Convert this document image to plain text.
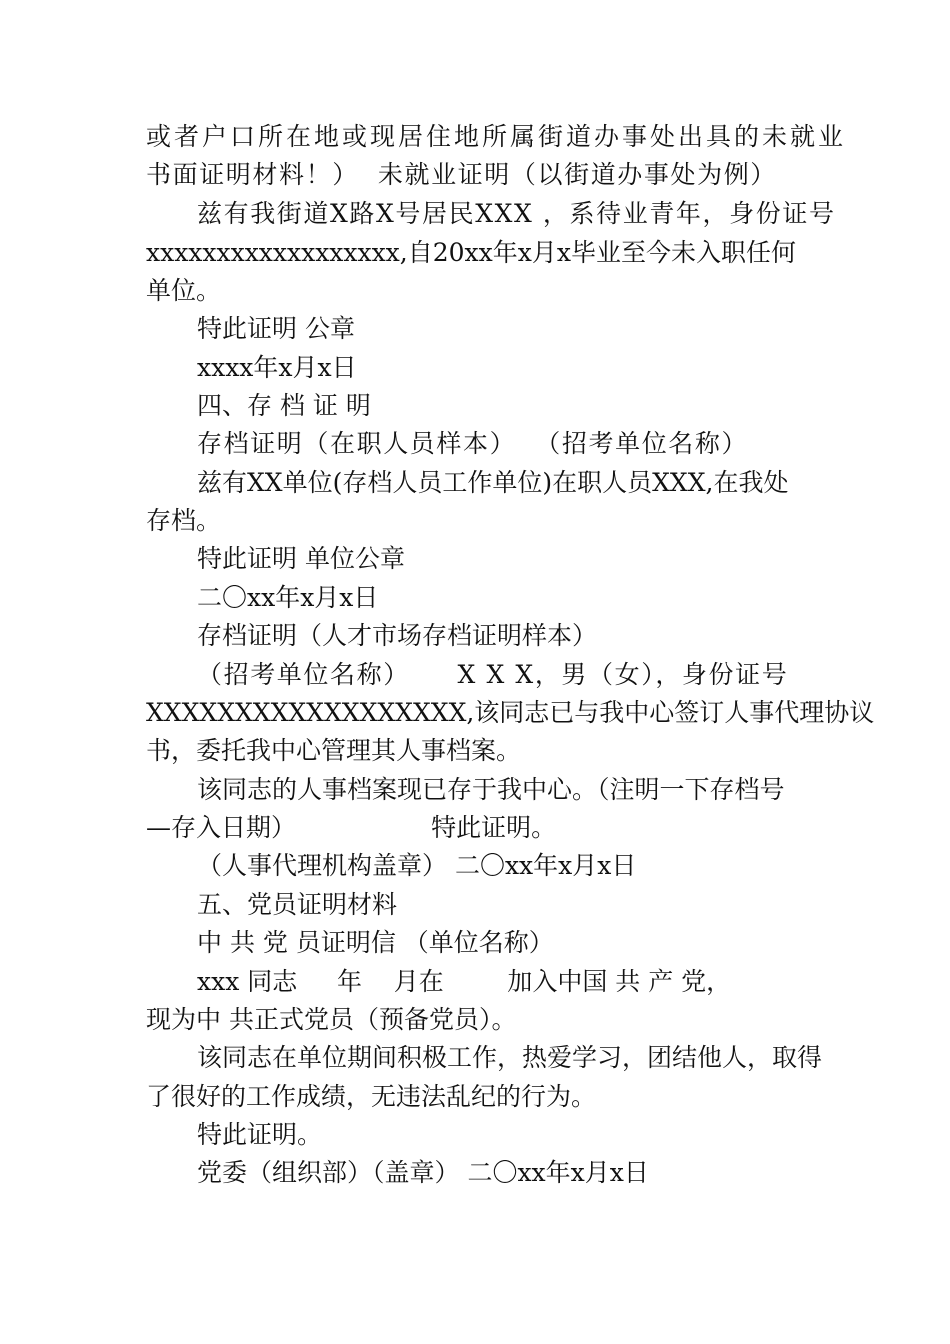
或者户口所在地或现居住地所属街道办事处出具的未就业
书面证明材料！）  未就业证明（以街道办事处为例）
兹有我街道X路X号居民XXX ，系待业青年，身份证号
xxxxxxxxxxxxxxxxxx,自20xx年x月x毕业至今未入职任何
单位。
特此证明 公章
xxxx年x月x日
四、存 档 证 明
存档证明（在职人员样本）  （招考单位名称）
兹有XX单位(存档人员工作单位)在职人员XXX,在我处
存档。
特此证明 单位公章
二〇xx年x月x日
存档证明（人才市场存档证明样本）
（招考单位名称）     X X X，男（女），身份证号
XXXXXXXXXXXXXXXXXX,该同志已与我中心签订人事代理协议
书，委托我中心管理其人事档案。
该同志的人事档案现已存于我中心。（注明一下存档号
—存入日期）                 特此证明。
（人事代理机构盖章） 二〇xx年x月x日
五、党员证明材料
中 共 党 员证明信 （单位名称）
xxx 同志     年    月在        加入中国 共 产 党，
现为中 共正式党员（预备党员）。
该同志在单位期间积极工作，热爱学习，团结他人，取得
了很好的工作成绩，无违法乱纪的行为。
特此证明。
党委（组织部）（盖章） 二〇xx年x月x日
